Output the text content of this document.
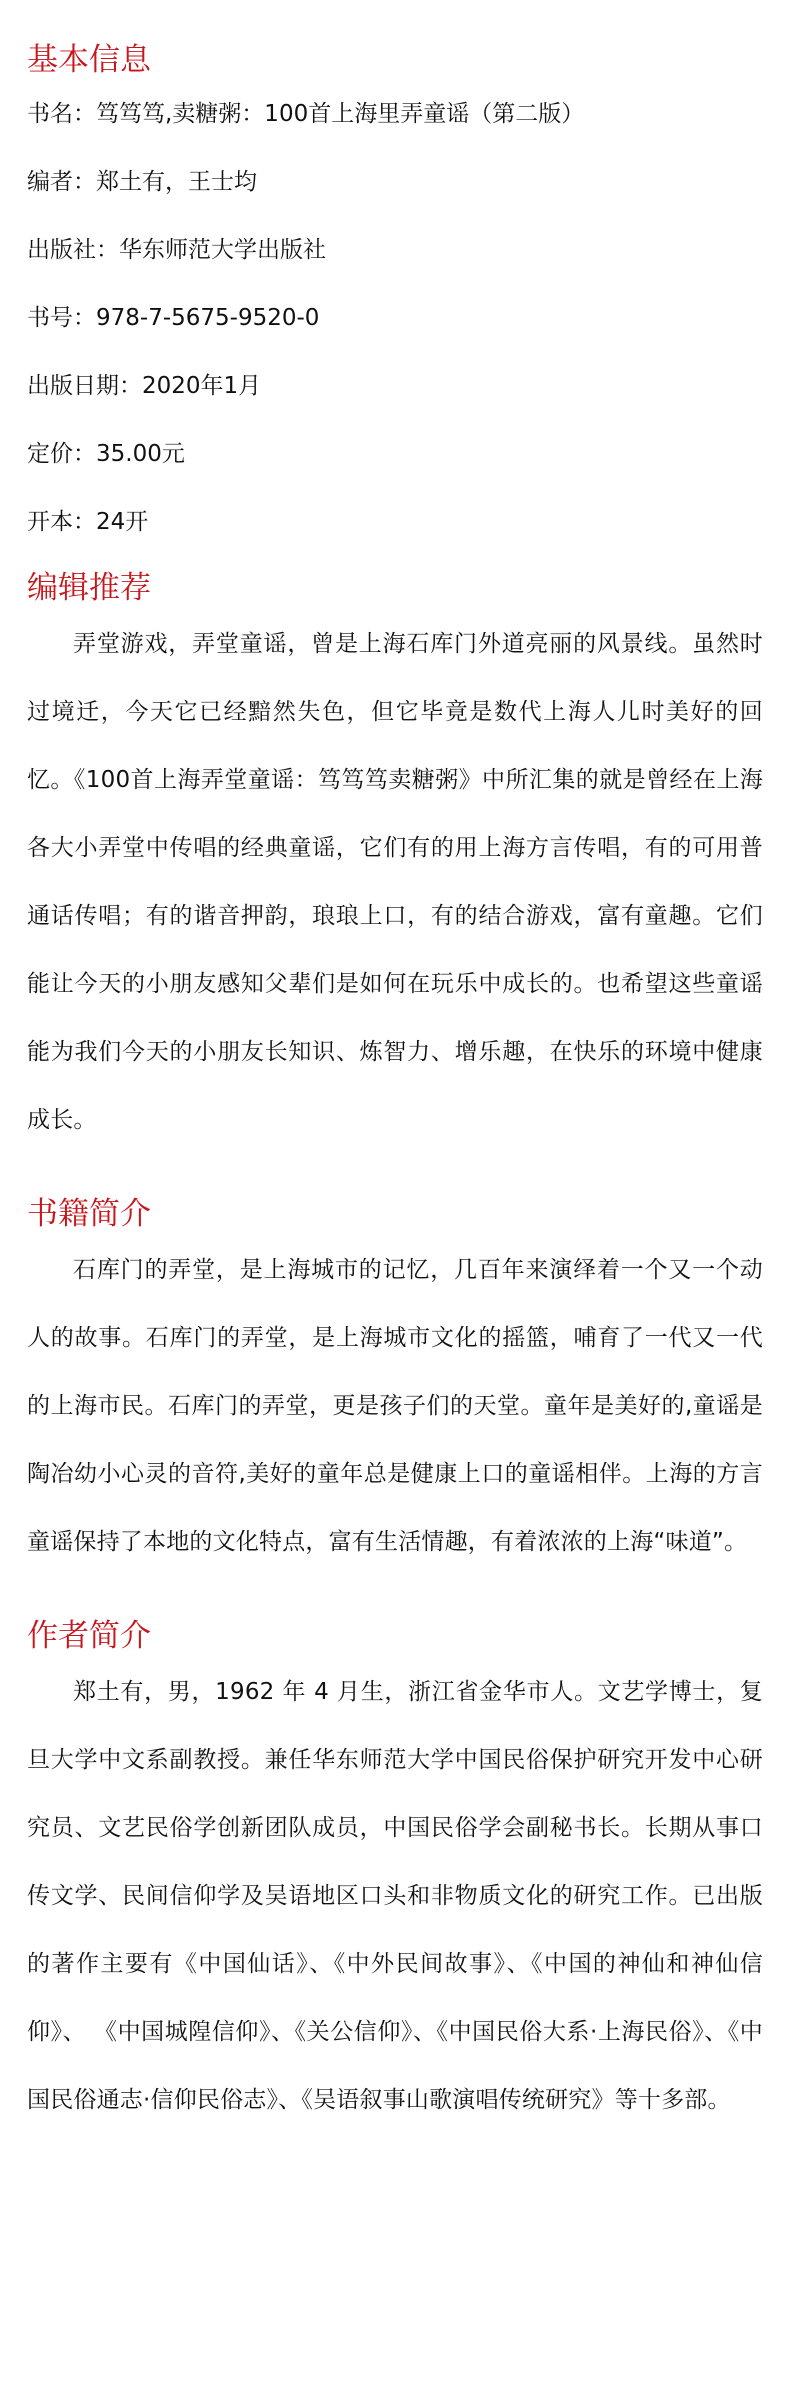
基本信息
书名：笃笃笃,卖糖粥：100首上海里弄童谣（第二版）
编者：郑土有，王士均
出版社：华东师范大学出版社
书号：978-7-5675-9520-0
出版日期：2020年1月
定价：35.00元
开本：24开
编辑推荐

弄堂游戏，弄堂童谣，曾是上海石库门外道亮丽的风景线。虽然时过境迁，今天它已经黯然失色，但它毕竟是数代上海人儿时美好的回忆。《100首上海弄堂童谣：笃笃笃卖糖粥》中所汇集的就是曾经在上海各大小弄堂中传唱的经典童谣，它们有的用上海方言传唱，有的可用普通话传唱；有的谐音押韵，琅琅上口，有的结合游戏，富有童趣。它们能让今天的小朋友感知父辈们是如何在玩乐中成长的。也希望这些童谣能为我们今天的小朋友长知识、炼智力、增乐趣，在快乐的环境中健康成长。

书籍简介

石库门的弄堂，是上海城市的记忆，几百年来演绎着一个又一个动人的故事。石库门的弄堂，是上海城市文化的摇篮，哺育了一代又一代的上海市民。石库门的弄堂，更是孩子们的天堂。童年是美好的,童谣是陶冶幼小心灵的音符,美好的童年总是健康上口的童谣相伴。上海的方言童谣保持了本地的文化特点，富有生活情趣，有着浓浓的上海“味道”。

作者简介

郑土有，男，1962 年 4 月生，浙江省金华市人。文艺学博士，复旦大学中文系副教授。兼任华东师范大学中国民俗保护研究开发中心研究员、文艺民俗学创新团队成员，中国民俗学会副秘书长。长期从事口传文学、民间信仰学及吴语地区口头和非物质文化的研究工作。已出版的著作主要有《中国仙话》、《中外民间故事》、《中国的神仙和神仙信仰》、 《中国城隍信仰》、《关公信仰》、《中国民俗大系·上海民俗》、《中国民俗通志·信仰民俗志》、《吴语叙事山歌演唱传统研究》等十多部。
